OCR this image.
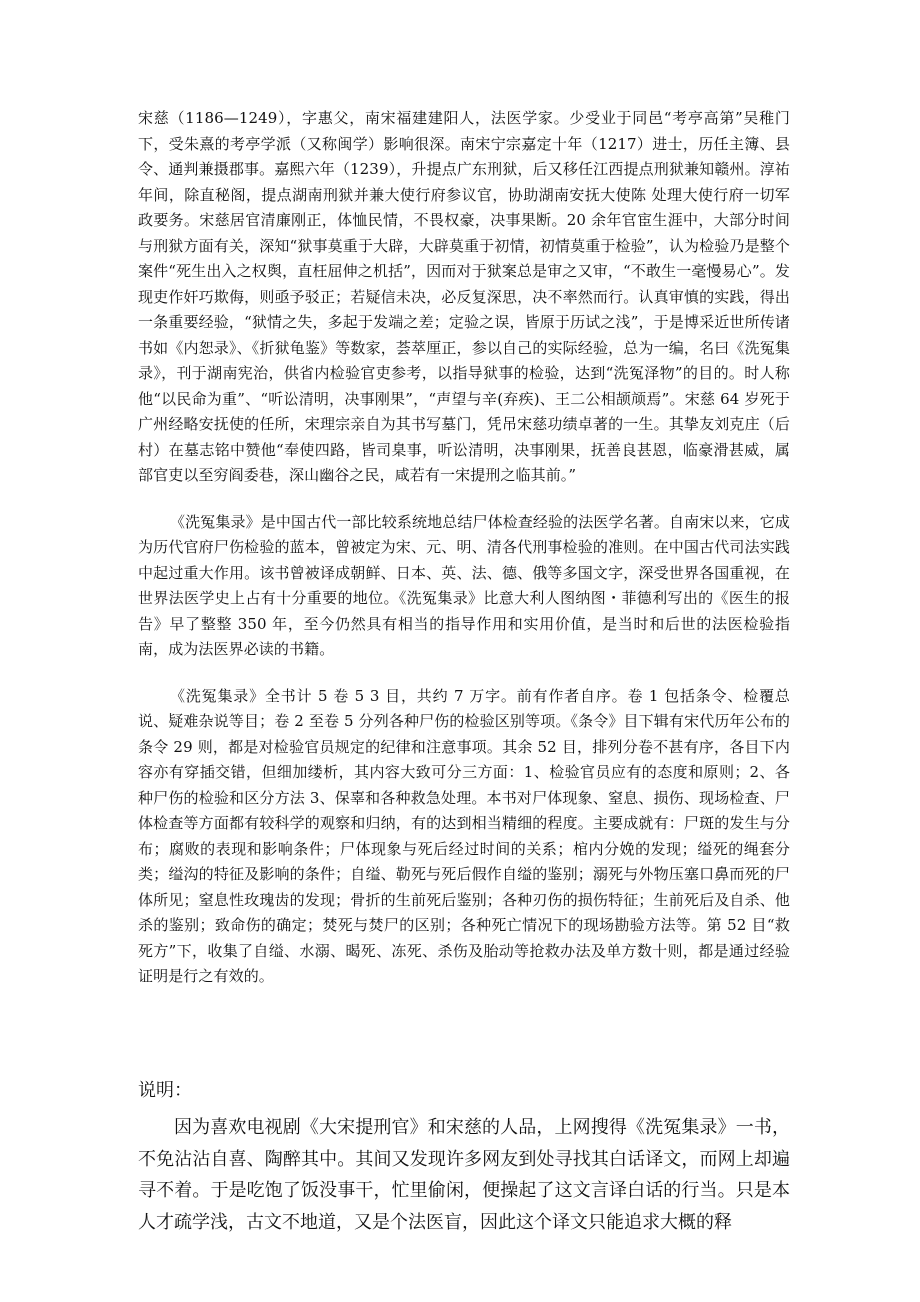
宋慈（1186—1249），字惠父，南宋福建建阳人，法医学家。少受业于同邑“考亭高第”吴稚门下，受朱熹的考亭学派（又称闽学）影响很深。南宋宁宗嘉定十年（1217）进士，历任主簿、县令、通判兼摄郡事。嘉熙六年（1239），升提点广东刑狱，后又移任江西提点刑狱兼知赣州。淳祐年间，除直秘阁，提点湖南刑狱并兼大使行府参议官，协助湖南安抚大使陈 处理大使行府一切军政要务。宋慈居官清廉刚正，体恤民情，不畏权豪，决事果断。20 余年官宦生涯中，大部分时间与刑狱方面有关，深知“狱事莫重于大辟，大辟莫重于初情，初情莫重于检验”，认为检验乃是整个案件“死生出入之权舆，直枉屈伸之机括”，因而对于狱案总是审之又审，“不敢生一毫慢易心”。发现吏作奸巧欺侮，则亟予驳正；若疑信未决，必反复深思，决不率然而行。认真审慎的实践，得出一条重要经验，“狱情之失，多起于发端之差；定验之误，皆原于历试之浅”，于是博采近世所传诸书如《内恕录》、《折狱龟鉴》等数家，荟萃厘正，参以自己的实际经验，总为一编，名曰《洗冤集录》，刊于湖南宪治，供省内检验官吏参考，以指导狱事的检验，达到“洗冤泽物”的目的。时人称他“以民命为重”、“听讼清明，决事刚果”，“声望与辛(弃疾)、王二公相颉颃焉”。宋慈 64 岁死于广州经略安抚使的任所，宋理宗亲自为其书写墓门，凭吊宋慈功绩卓著的一生。其挚友刘克庄（后村）在墓志铭中赞他“奉使四路，皆司臬事，听讼清明，决事刚果，抚善良甚恩，临豪滑甚威，属部官吏以至穷阎委巷，深山幽谷之民，咸若有一宋提刑之临其前。”

《洗冤集录》是中国古代一部比较系统地总结尸体检查经验的法医学名著。自南宋以来，它成为历代官府尸伤检验的蓝本，曾被定为宋、元、明、清各代刑事检验的准则。在中国古代司法实践中起过重大作用。该书曾被译成朝鲜、日本、英、法、德、俄等多国文字，深受世界各国重视，在世界法医学史上占有十分重要的地位。《洗冤集录》比意大利人图纳图・菲德利写出的《医生的报告》早了整整 350 年，至今仍然具有相当的指导作用和实用价值，是当时和后世的法医检验指南，成为法医界必读的书籍。

《洗冤集录》全书计 5 卷 5 3 目，共约 7 万字。前有作者自序。卷 1 包括条令、检覆总说、疑难杂说等目；卷 2 至卷 5 分列各种尸伤的检验区别等项。《条令》目下辑有宋代历年公布的条令 29 则，都是对检验官员规定的纪律和注意事项。其余 52 目，排列分卷不甚有序，各目下内容亦有穿插交错，但细加缕析，其内容大致可分三方面：1、检验官员应有的态度和原则；2、各种尸伤的检验和区分方法 3、保辜和各种救急处理。本书对尸体现象、窒息、损伤、现场检查、尸体检查等方面都有较科学的观察和归纳，有的达到相当精细的程度。主要成就有：尸斑的发生与分布；腐败的表现和影响条件；尸体现象与死后经过时间的关系；棺内分娩的发现；缢死的绳套分类；缢沟的特征及影响的条件；自缢、勒死与死后假作自缢的鉴别；溺死与外物压塞口鼻而死的尸体所见；窒息性玫瑰齿的发现；骨折的生前死后鉴别；各种刃伤的损伤特征；生前死后及自杀、他杀的鉴别；致命伤的确定；焚死与焚尸的区别；各种死亡情况下的现场勘验方法等。第 52 目“救死方”下，收集了自缢、水溺、暍死、冻死、杀伤及胎动等抢救办法及单方数十则，都是通过经验证明是行之有效的。

说明：

因为喜欢电视剧《大宋提刑官》和宋慈的人品，上网搜得《洗冤集录》一书，不免沾沾自喜、陶醉其中。其间又发现许多网友到处寻找其白话译文，而网上却遍寻不着。于是吃饱了饭没事干，忙里偷闲，便操起了这文言译白话的行当。只是本人才疏学浅，古文不地道，又是个法医盲，因此这个译文只能追求大概的释
